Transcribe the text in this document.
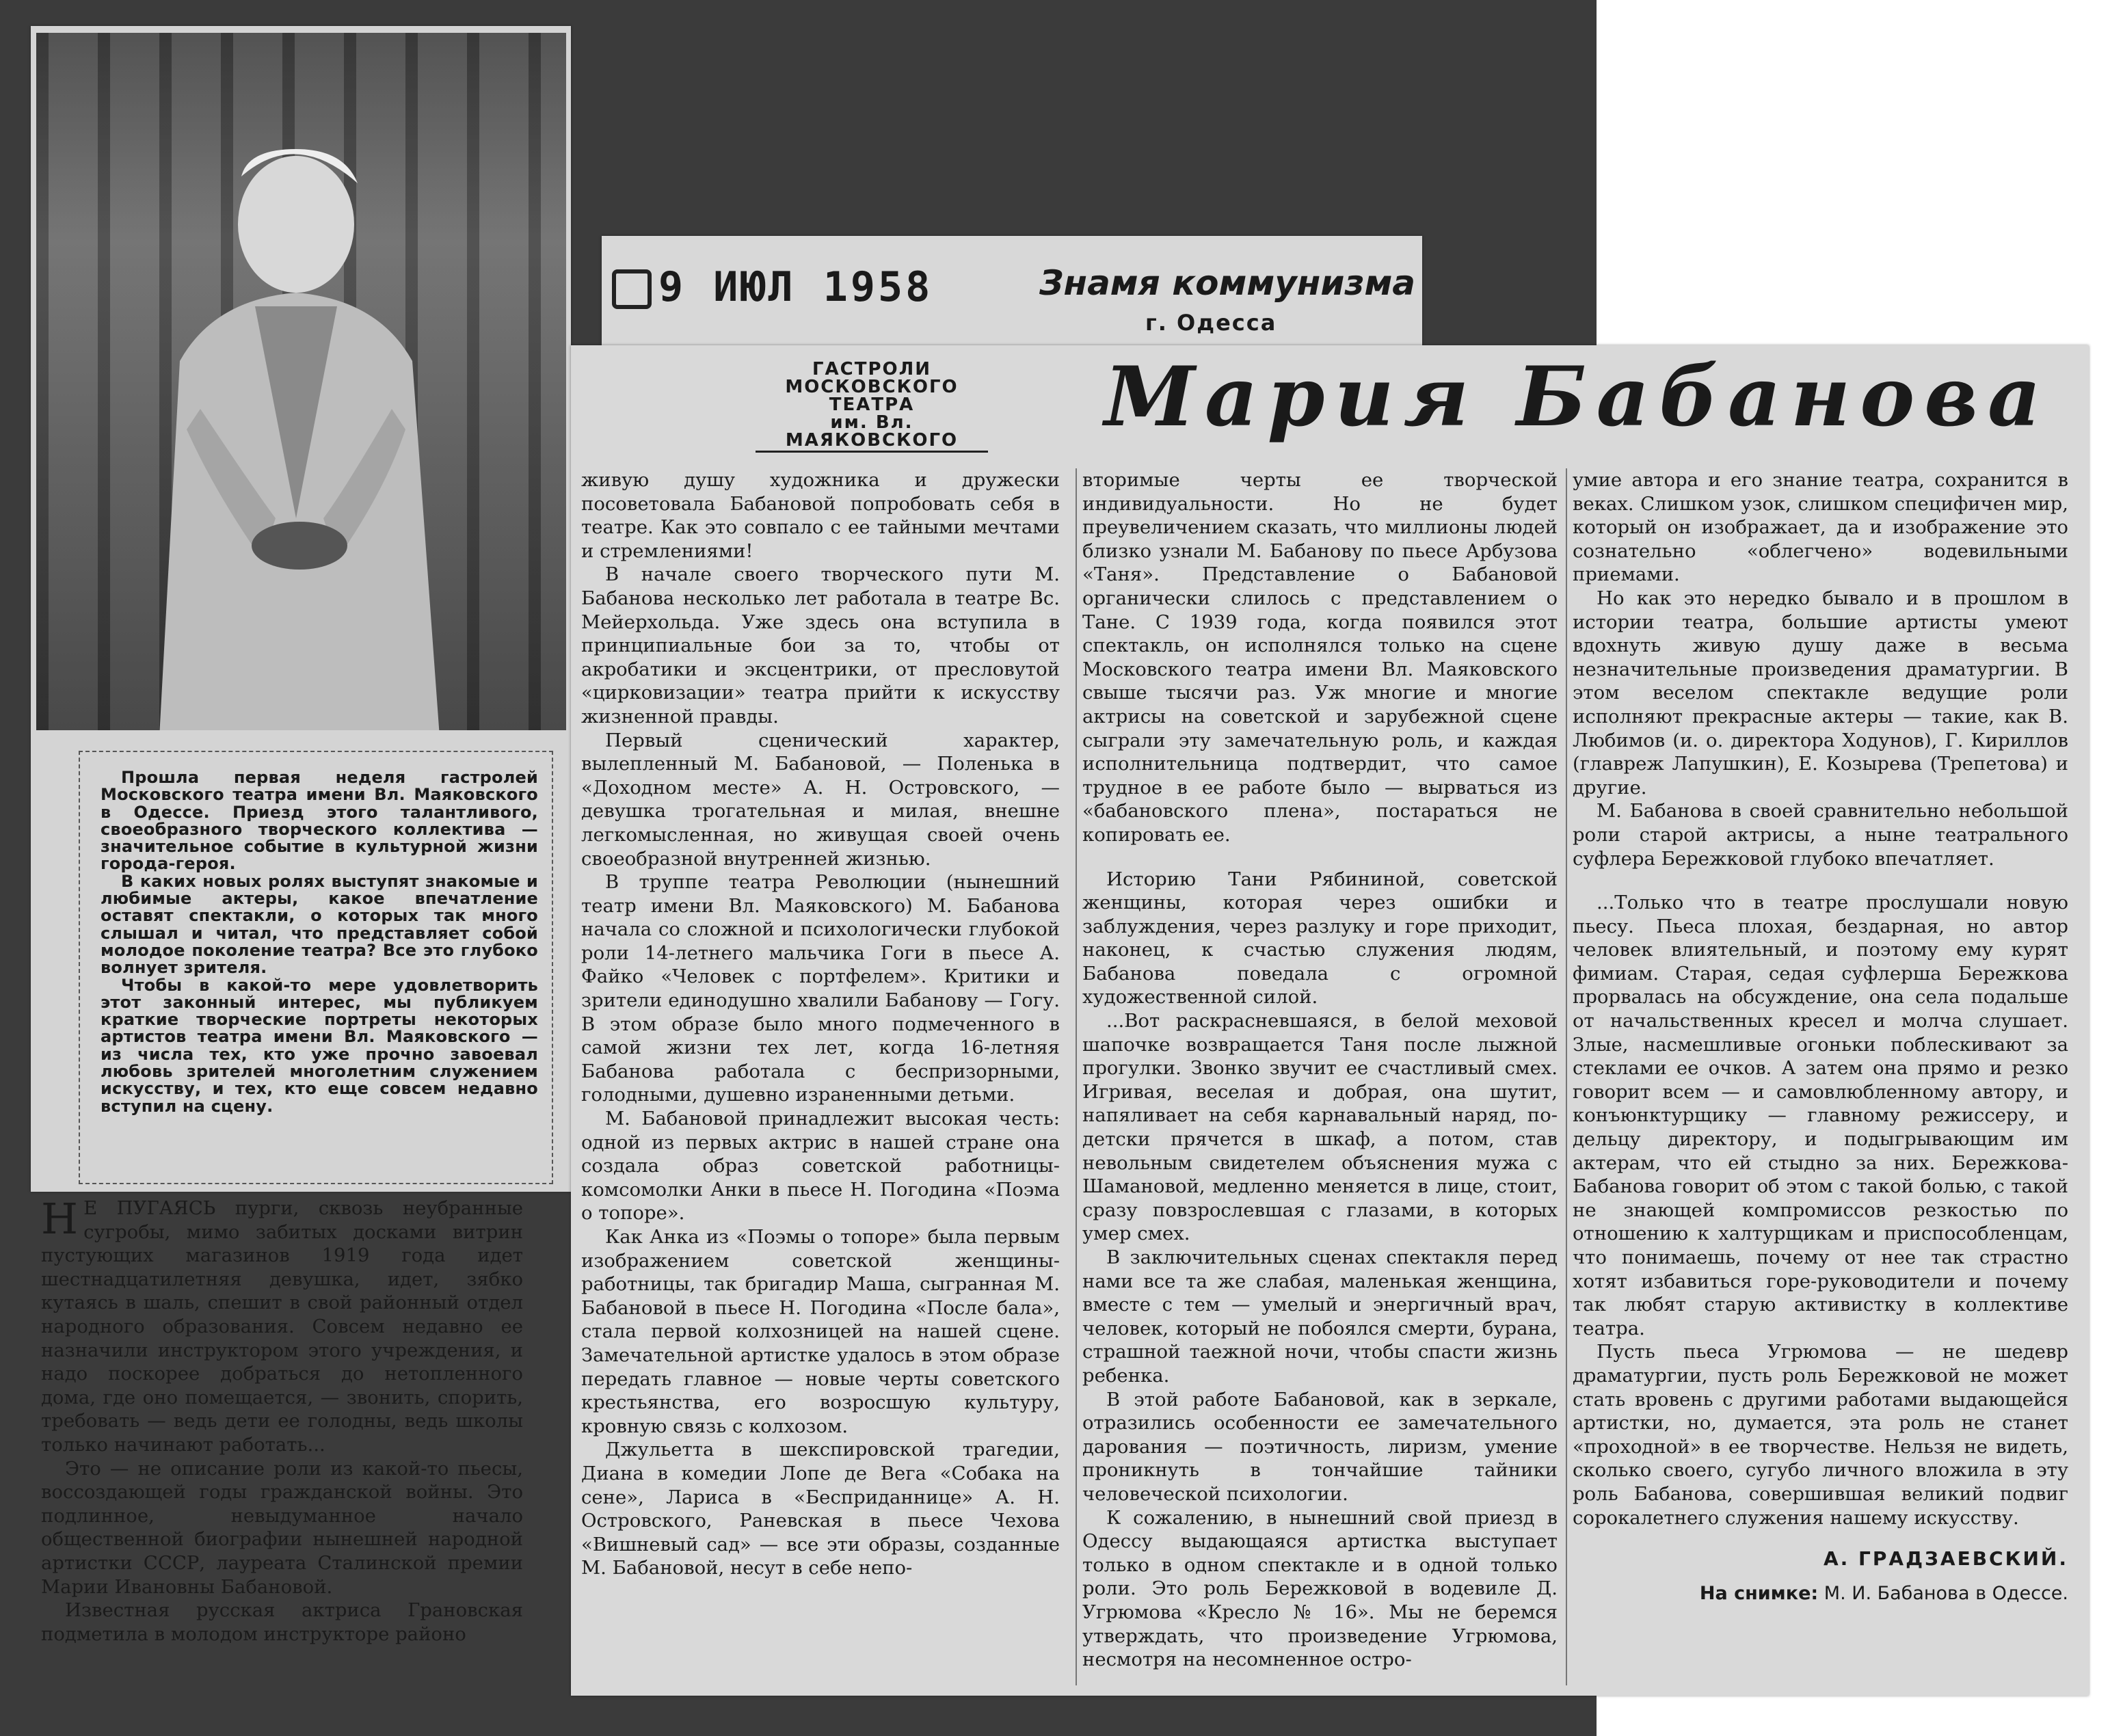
Прошла первая неделя гастролей Московского театра имени Вл. Маяковского в Одессе. Приезд этого талантливого, своеобразного творческого коллектива — значительное событие в культурной жизни города-героя.

В каких новых ролях выступят знакомые и любимые актеры, какое впечатление оставят спектакли, о которых так много слышал и читал, что представляет собой молодое поколение театра? Все это глубоко волнует зрителя.

Чтобы в какой-то мере удовлетворить этот законный интерес, мы публикуем краткие творческие портреты некоторых артистов театра имени Вл. Маяковского — из числа тех, кто уже прочно завоевал любовь зрителей многолетним служением искусству, и тех, кто еще совсем недавно вступил на сцену.

Н Е ПУГАЯСЬ пурги, сквозь неубранные сугробы, мимо забитых досками витрин пустующих магазинов 1919 года идет шестнадцатилетняя девушка, идет, зябко кутаясь в шаль, спешит в свой районный отдел народного образования. Совсем недавно ее назначили инструктором этого учреждения, и надо поскорее добраться до нетопленного дома, где оно помещается, — звонить, спорить, требовать — ведь дети ее голодны, ведь школы только начинают работать...

Это — не описание роли из какой-то пьесы, воссоздающей годы гражданской войны. Это подлинное, невыдуманное начало общественной биографии нынешней народной артистки СССР, лауреата Сталинской премии Марии Ивановны Бабановой.

Известная русская актриса Грановская подметила в молодом инструкторе районо

9 ИЮЛ 1958	Знамя коммунизма
г. Одесса
ГАСТРОЛИ
МОСКОВСКОГО ТЕАТРА
им. Вл. МАЯКОВСКОГО	Мария Бабанова

живую душу художника и дружески посоветовала Бабановой попробовать себя в театре. Как это совпало с ее тайными мечтами и стремлениями!

В начале своего творческого пути М. Бабанова несколько лет работала в театре Вс. Мейерхольда. Уже здесь она вступила в принципиальные бои за то, чтобы от акробатики и эксцентрики, от пресловутой «цирковизации» театра прийти к искусству жизненной правды.

Первый сценический характер, вылепленный М. Бабановой, — Поленька в «Доходном месте» А. Н. Островского, — девушка трогательная и милая, внешне легкомысленная, но живущая своей очень своеобразной внутренней жизнью.

В труппе театра Революции (нынешний театр имени Вл. Маяковского) М. Бабанова начала со сложной и психологически глубокой роли 14-летнего мальчика Гоги в пьесе А. Файко «Человек с портфелем». Критики и зрители единодушно хвалили Бабанову — Гогу. В этом образе было много подмеченного в самой жизни тех лет, когда 16-летняя Бабанова работала с беспризорными, голодными, душевно израненными детьми.

М. Бабановой принадлежит высокая честь: одной из первых актрис в нашей стране она создала образ советской работницы-комсомолки Анки в пьесе Н. Погодина «Поэма о топоре».

Как Анка из «Поэмы о топоре» была первым изображением советской женщины-работницы, так бригадир Маша, сыгранная М. Бабановой в пьесе Н. Погодина «После бала», стала первой колхозницей на нашей сцене. Замечательной артистке удалось в этом образе передать главное — новые черты советского крестьянства, его возросшую культуру, кровную связь с колхозом.

Джульетта в шекспировской трагедии, Диана в комедии Лопе де Вега «Собака на сене», Лариса в «Бесприданнице» А. Н. Островского, Раневская в пьесе Чехова «Вишневый сад» — все эти образы, созданные М. Бабановой, несут в себе непо-

вторимые черты ее творческой индивидуальности. Но не будет преувеличением сказать, что миллионы людей близко узнали М. Бабанову по пьесе Арбузова «Таня». Представление о Бабановой органически слилось с представлением о Тане. С 1939 года, когда появился этот спектакль, он исполнялся только на сцене Московского театра имени Вл. Маяковского свыше тысячи раз. Уж многие и многие актрисы на советской и зарубежной сцене сыграли эту замечательную роль, и каждая исполнительница подтвердит, что самое трудное в ее работе было — вырваться из «бабановского плена», постараться не копировать ее.

Историю Тани Рябининой, советской женщины, которая через ошибки и заблуждения, через разлуку и горе приходит, наконец, к счастью служения людям, Бабанова поведала с огромной художественной силой.

...Вот раскрасневшаяся, в белой меховой шапочке возвращается Таня после лыжной прогулки. Звонко звучит ее счастливый смех. Игривая, веселая и добрая, она шутит, напяливает на себя карнавальный наряд, по-детски прячется в шкаф, а потом, став невольным свидетелем объяснения мужа с Шамановой, медленно меняется в лице, стоит, сразу повзрослевшая с глазами, в которых умер смех.

В заключительных сценах спектакля перед нами все та же слабая, маленькая женщина, вместе с тем — умелый и энергичный врач, человек, который не побоялся смерти, бурана, страшной таежной ночи, чтобы спасти жизнь ребенка.

В этой работе Бабановой, как в зеркале, отразились особенности ее замечательного дарования — поэтичность, лиризм, умение проникнуть в тончайшие тайники человеческой психологии.

К сожалению, в нынешний свой приезд в Одессу выдающаяся артистка выступает только в одном спектакле и в одной только роли. Это роль Бережковой в водевиле Д. Угрюмова «Кресло № 16». Мы не беремся утверждать, что произведение Угрюмова, несмотря на несомненное остро-

умие автора и его знание театра, сохранится в веках. Слишком узок, слишком специфичен мир, который он изображает, да и изображение это сознательно «облегчено» водевильными приемами.

Но как это нередко бывало и в прошлом в истории театра, большие артисты умеют вдохнуть живую душу даже в весьма незначительные произведения драматургии. В этом веселом спектакле ведущие роли исполняют прекрасные актеры — такие, как В. Любимов (и. о. директора Ходунов), Г. Кириллов (главреж Лапушкин), Е. Козырева (Трепетова) и другие.

М. Бабанова в своей сравнительно небольшой роли старой актрисы, а ныне театрального суфлера Бережковой глубоко впечатляет.

...Только что в театре прослушали новую пьесу. Пьеса плохая, бездарная, но автор человек влиятельный, и поэтому ему курят фимиам. Старая, седая суфлерша Бережкова прорвалась на обсуждение, она села подальше от начальственных кресел и молча слушает. Злые, насмешливые огоньки поблескивают за стеклами ее очков. А затем она прямо и резко говорит всем — и самовлюбленному автору, и конъюнктурщику — главному режиссеру, и дельцу директору, и подыгрывающим им актерам, что ей стыдно за них. Бережкова-Бабанова говорит об этом с такой болью, с такой не знающей компромиссов резкостью по отношению к халтурщикам и приспособленцам, что понимаешь, почему от нее так страстно хотят избавиться горе-руководители и почему так любят старую активистку в коллективе театра.

Пусть пьеса Угрюмова — не шедевр драматургии, пусть роль Бережковой не может стать вровень с другими работами выдающейся артистки, но, думается, эта роль не станет «проходной» в ее творчестве. Нельзя не видеть, сколько своего, сугубо личного вложила в эту роль Бабанова, совершившая великий подвиг сорокалетнего служения нашему искусству.

А. ГРАДЗАЕВСКИЙ.

На снимке: М. И. Бабанова в Одессе.
